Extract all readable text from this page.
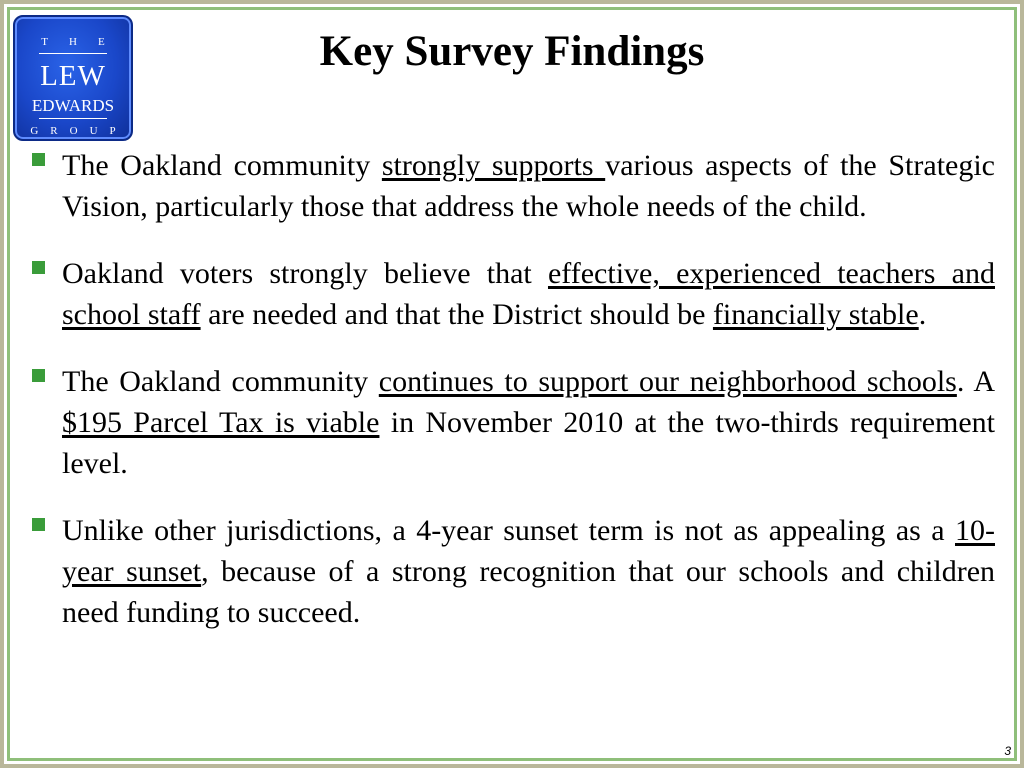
THE
LEW
EDWARDS
GROUP
Key Survey Findings
The Oakland community strongly supports various aspects of the Strategic Vision, particularly those that address the whole needs of the child.
Oakland voters strongly believe that effective, experienced teachers and school staff are needed and that the District should be financially stable.
The Oakland community continues to support our neighborhood schools. A $195 Parcel Tax is viable in November 2010 at the two-thirds requirement level.
Unlike other jurisdictions, a 4-year sunset term is not as appealing as a 10-year sunset, because of a strong recognition that our schools and children need funding to succeed.
3
